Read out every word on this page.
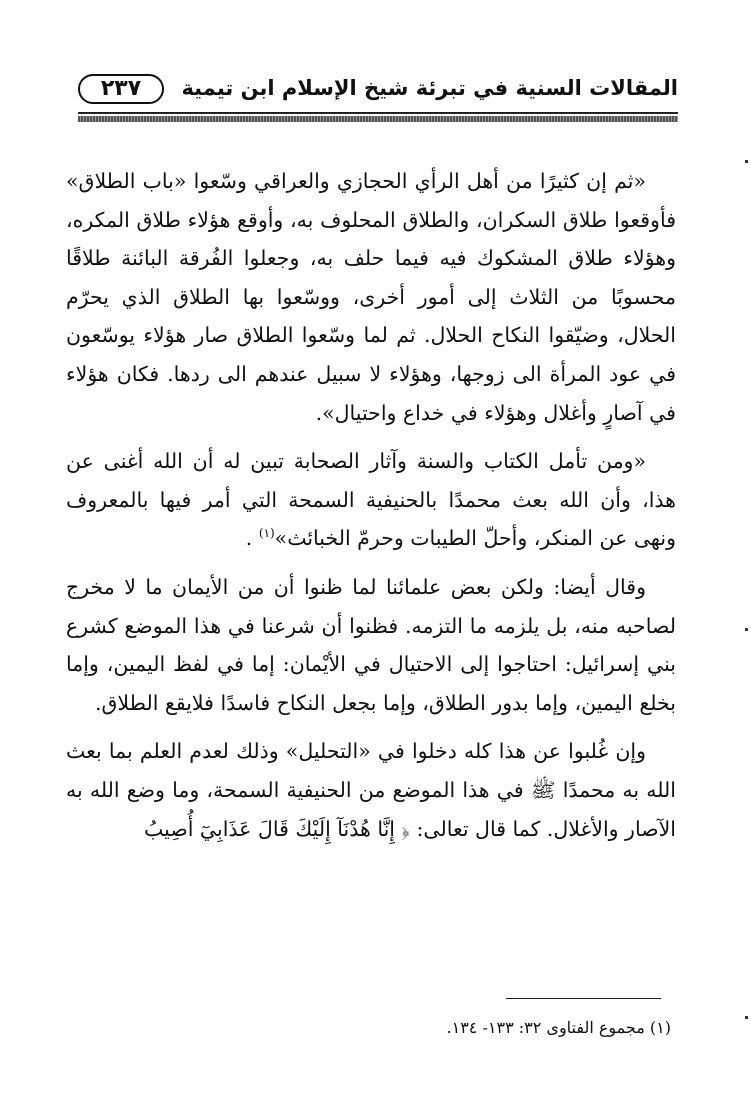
المقالات السنية في تبرئة شيخ الإسلام ابن تيمية
٢٣٧

«ثم إن كثيرًا من أهل الرأي الحجازي والعراقي وسّعوا «باب الطلاق» فأوقعوا طلاق السكران، والطلاق المحلوف به، وأوقع هؤلاء طلاق المكره، وهؤلاء طلاق المشكوك فيه فيما حلف به، وجعلوا الفُرقة البائنة طلاقًا محسوبًا من الثلاث إلى أمور أخرى، ووسّعوا بها الطلاق الذي يحرّم الحلال، وضيّقوا النكاح الحلال. ثم لما وسّعوا الطلاق صار هؤلاء يوسّعون في عود المرأة الى زوجها، وهؤلاء لا سبيل عندهم الى ردها. فكان هؤلاء في آصارٍ وأغلال وهؤلاء في خداع واحتيال».

«ومن تأمل الكتاب والسنة وآثار الصحابة تبين له أن الله أغنى عن هذا، وأن الله بعث محمدًا بالحنيفية السمحة التي أمر فيها بالمعروف ونهى عن المنكر، وأحلّ الطيبات وحرمّ الخبائث»$^{(١)}$ .

وقال أيضا: ولكن بعض علمائنا لما ظنوا أن من الأيمان ما لا مخرج لصاحبه منه، بل يلزمه ما التزمه. فظنوا أن شرعنا في هذا الموضع كشرع بني إسرائيل: احتاجوا إلى الاحتيال في الأيْمان: إما في لفظ اليمين، وإما بخلع اليمين، وإما بدور الطلاق، وإما بجعل النكاح فاسدًا فلايقع الطلاق.

وإن غُلبوا عن هذا كله دخلوا في «التحليل» وذلك لعدم العلم بما بعث الله به محمدًا ﷺ في هذا الموضع من الحنيفية السمحة، وما وضع الله به الآصار والأغلال. كما قال تعالى: ﴿ إِنَّا هُدْنَآ إِلَيْكَ قَالَ عَذَابِيٓ أُصِيبُ

(١) مجموع الفتاوى ٣٢: ١٣٣- ١٣٤.
